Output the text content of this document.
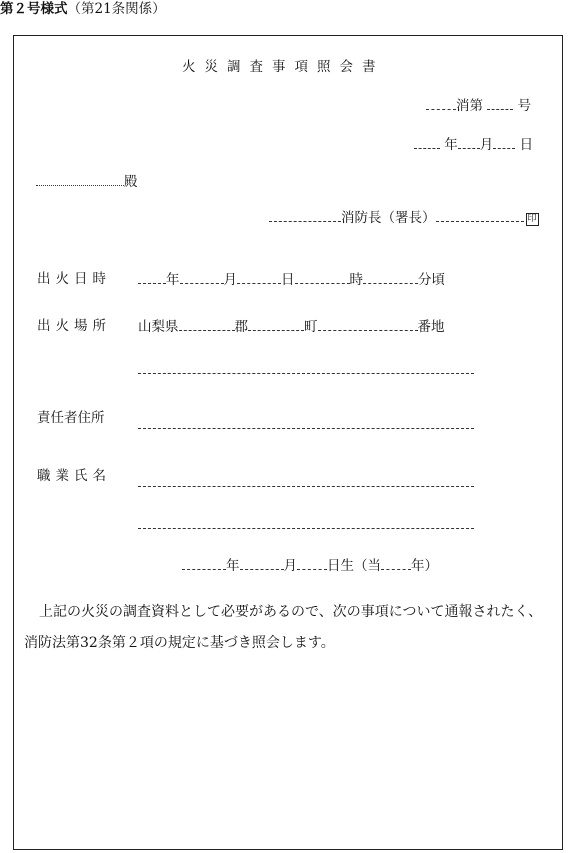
第２号様式（第21条関係）
火災調査事項照会書
消第	号
年 月 日
殿
消防長（署長）	印
出火日時	年	月	日	時	分頃
出火場所 山梨県	郡	町	番地
責任者住所
職業氏名
年	月 日生（当 年）
上記の火災の調査資料として必要があるので、次の事項について通報されたく、消防法第32条第２項の規定に基づき照会します。
